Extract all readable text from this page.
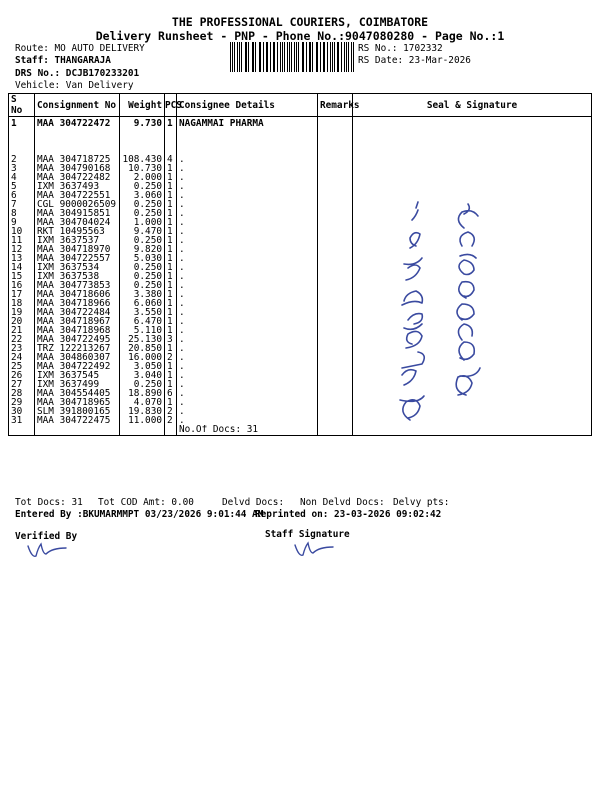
THE PROFESSIONAL COURIERS, COIMBATORE
Delivery Runsheet - PNP - Phone No.:9047080280 - Page No.:1
Route: MO AUTO DELIVERY
Staff: THANGARAJA
DRS No.: DCJB170233201
Vehicle: Van Delivery
RS No.: 1702332
RS Date: 23-Mar-2026
S No	Consignment No	Weight	PCS	Consignee Details	Remarks	Seal & Signature
1	MAA 304722472	9.730	1	NAGAMMAI PHARMA		
2	MAA 304718725	108.430	4	.		
3	MAA 304790168	10.730	1	.		
4	MAA 304722482	2.000	1	.		
5	IXM 3637493	0.250	1	.		
6	MAA 304722551	3.060	1	.		
7	CGL 9000026509	0.250	1	.		
8	MAA 304915851	0.250	1	.		
9	MAA 304704024	1.000	1	.		
10	RKT 10495563	9.470	1	.		
11	IXM 3637537	0.250	1	.		
12	MAA 304718970	9.820	1	.		
13	MAA 304722557	5.030	1	.		
14	IXM 3637534	0.250	1	.		
15	IXM 3637538	0.250	1	.		
16	MAA 304773853	0.250	1	.		
17	MAA 304718606	3.380	1	.		
18	MAA 304718966	6.060	1	.		
19	MAA 304722484	3.550	1	.		
20	MAA 304718967	6.470	1	.		
21	MAA 304718968	5.110	1	.		
22	MAA 304722495	25.130	3	.		
23	TRZ 122213267	20.850	1	.		
24	MAA 304860307	16.000	2	.		
25	MAA 304722492	3.050	1	.		
26	IXM 3637545	3.040	1	.		
27	IXM 3637499	0.250	1	.		
28	MAA 304554405	18.890	6	.		
29	MAA 304718965	4.070	1	.		
30	SLM 391800165	19.830	2	.		
31	MAA 304722475	11.000	2	.		
				No.Of Docs: 31		
Tot Docs: 31 Tot COD Amt: 0.00	Delvd Docs: Non Delvd Docs: Delvy pts:
Entered By :BKUMARMMPT 03/23/2026 9:01:44 AM
Reprinted on: 23-03-2026 09:02:42
Verified By	Staff Signature
